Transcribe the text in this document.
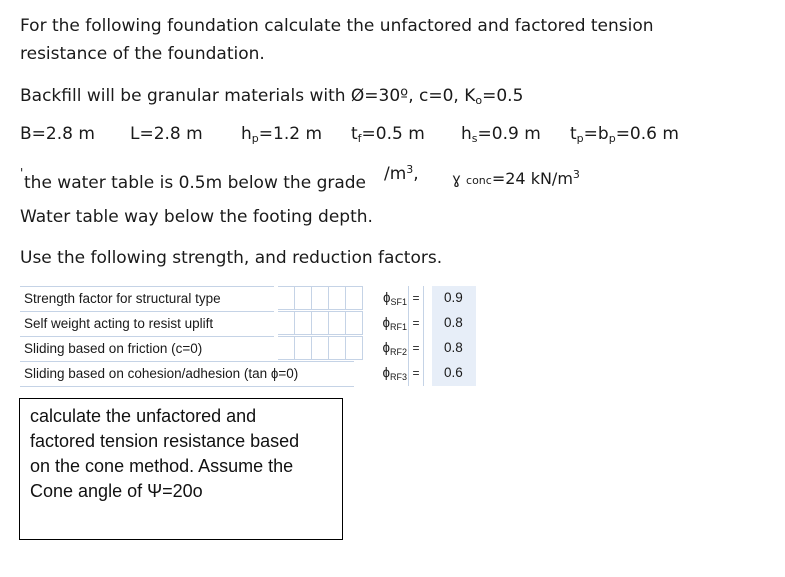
For the following foundation calculate the unfactored and factored tension
resistance of the foundation.
Backfill will be granular materials with Ø=30º, c=0, $K_o=0.5$
B=2.8 m L=2.8 m $h_p=1.2$ m $t_f=0.5$ m $h_s=0.9$ m $t_p=b_p=0.6$ m
' the water table is 0.5m below the grade $/m^3$, ɣ conc=24 $kN/m^3$
Water table way below the footing depth.
Use the following strength, and reduction factors.
Strength factor for structural type	ɸ$_{SF1}$ =	0.9
Self weight acting to resist uplift	ɸ$_{RF1}$ =	0.8
Sliding based on friction (c=0)	ɸ$_{RF2}$ =	0.8
Sliding based on cohesion/adhesion (tan ɸ=0)	ɸ$_{RF3}$ =	0.6
calculate the unfactored and
factored tension resistance based
on the cone method. Assume the
Cone angle of Ψ=20o
